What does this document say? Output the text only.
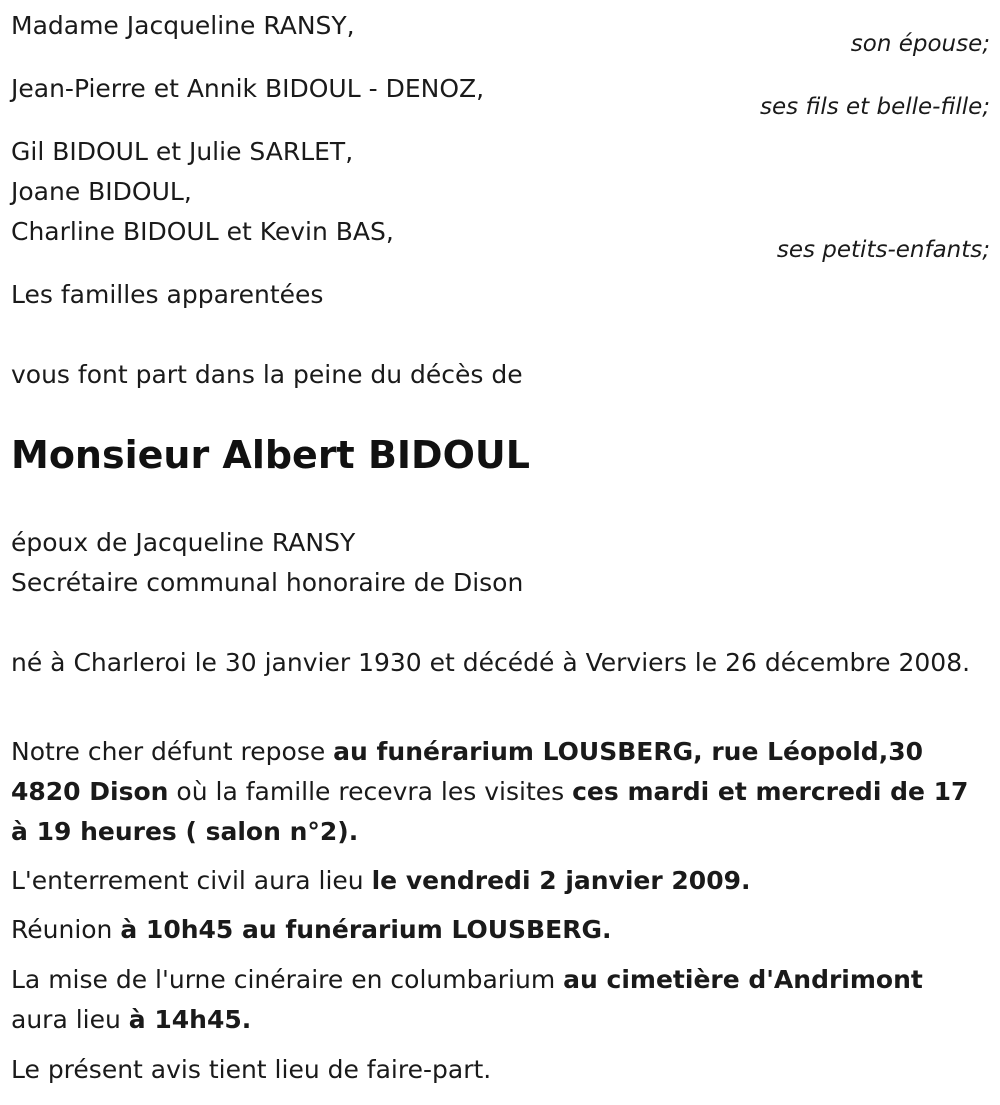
Madame Jacqueline RANSY,
son épouse;
Jean-Pierre et Annik BIDOUL - DENOZ,
ses fils et belle-fille;
Gil BIDOUL et Julie SARLET,
Joane BIDOUL,
Charline BIDOUL et Kevin BAS,
ses petits-enfants;
Les familles apparentées
vous font part dans la peine du décès de
Monsieur Albert BIDOUL
époux de Jacqueline RANSY
Secrétaire communal honoraire de Dison
né à Charleroi le 30 janvier 1930 et décédé à Verviers le 26 décembre 2008.
Notre cher défunt repose au funérarium LOUSBERG, rue Léopold,30 4820 Dison où la famille recevra les visites ces mardi et mercredi de 17 à 19 heures ( salon n°2).
L'enterrement civil aura lieu le vendredi 2 janvier 2009.
Réunion à 10h45 au funérarium LOUSBERG.
La mise de l'urne cinéraire en columbarium au cimetière d'Andrimont aura lieu à 14h45.
Le présent avis tient lieu de faire-part.
